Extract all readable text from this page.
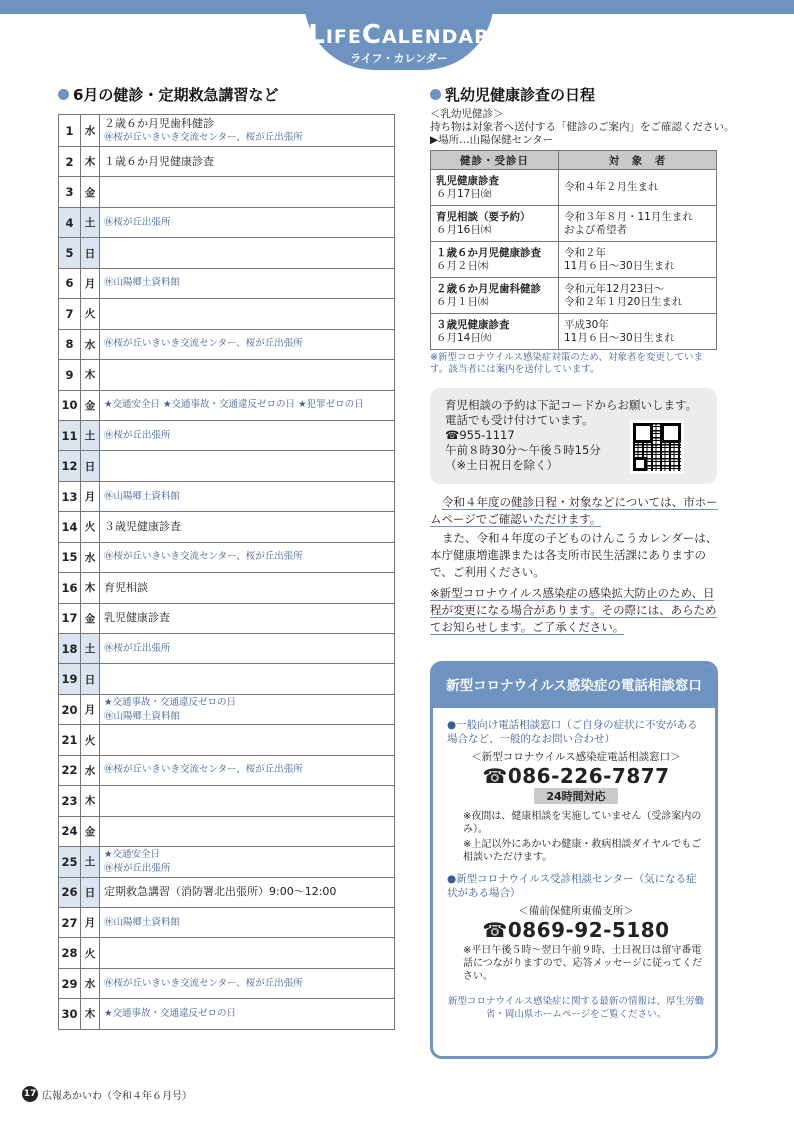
LIFECALENDAR
ライフ・カレンダー
6月の健診・定期救急講習など
1	水	２歳６か月児歯科健診
㊡桜が丘いきいき交流センター、桜が丘出張所

2	木	１歳６か月児健康診査

3	金	
4	土	㊡桜が丘出張所

5	日	
6	月	㊡山陽郷土資料館

7	火	
8	水	㊡桜が丘いきいき交流センター、桜が丘出張所

9	木	
10	金	★交通安全日 ★交通事故・交通違反ゼロの日 ★犯罪ゼロの日

11	土	㊡桜が丘出張所

12	日	
13	月	㊡山陽郷土資料館

14	火	３歳児健康診査

15	水	㊡桜が丘いきいき交流センター、桜が丘出張所

16	木	育児相談

17	金	乳児健康診査

18	土	㊡桜が丘出張所

19	日	
20	月	★交通事故・交通違反ゼロの日
㊡山陽郷土資料館

21	火	
22	水	㊡桜が丘いきいき交流センター、桜が丘出張所

23	木	
24	金	
25	土	★交通安全日
㊡桜が丘出張所

26	日	定期救急講習（消防署北出張所）9:00～12:00

27	月	㊡山陽郷土資料館

28	火	
29	水	㊡桜が丘いきいき交流センター、桜が丘出張所

30	木	★交通事故・交通違反ゼロの日
乳幼児健康診査の日程
＜乳幼児健診＞
持ち物は対象者へ送付する「健診のご案内」をご確認ください。
▶場所…山陽保健センター
健診・受診日	対　象　者

乳児健康診査
６月17日㈮	令和４年２月生まれ

育児相談（要予約）
６月16日㈭	令和３年８月・11月生まれ
および希望者

１歳６か月児健康診査
６月２日㈭	令和２年
11月６日～30日生まれ

２歳６か月児歯科健診
６月１日㈬	令和元年12月23日～
令和２年１月20日生まれ

３歳児健康診査
６月14日㈫	平成30年
11月６日～30日生まれ
※新型コロナウイルス感染症対策のため、対象者を変更しています。該当者には案内を送付しています。
育児相談の予約は下記コードからお願いします。
電話でも受け付けています。
☎955-1117
午前８時30分～午後５時15分
（※土日祝日を除く）
令和４年度の健診日程・対象などについては、市ホームページでご確認いただけます。
また、令和４年度の子どものけんこうカレンダーは、本庁健康増進課または各支所市民生活課にありますので、ご利用ください。
※新型コロナウイルス感染症の感染拡大防止のため、日程が変更になる場合があります。その際には、あらためてお知らせします。ご了承ください。
新型コロナウイルス感染症の電話相談窓口
●一般向け電話相談窓口（ご自身の症状に不安がある場合など、一般的なお問い合わせ）
＜新型コロナウイルス感染症電話相談窓口＞
☎086-226-7877
24時間対応
※夜間は、健康相談を実施していません（受診案内のみ）。
※上記以外にあかいわ健康・救病相談ダイヤルでもご相談いただけます。
●新型コロナウイルス受診相談センター（気になる症状がある場合）
＜備前保健所東備支所＞
☎0869-92-5180
※平日午後５時～翌日午前９時、土日祝日は留守番電話につながりますので、応答メッセージに従ってください。
新型コロナウイルス感染症に関する最新の情報は、厚生労働省・岡山県ホームページをご覧ください。
17 広報あかいわ（令和４年６月号）
